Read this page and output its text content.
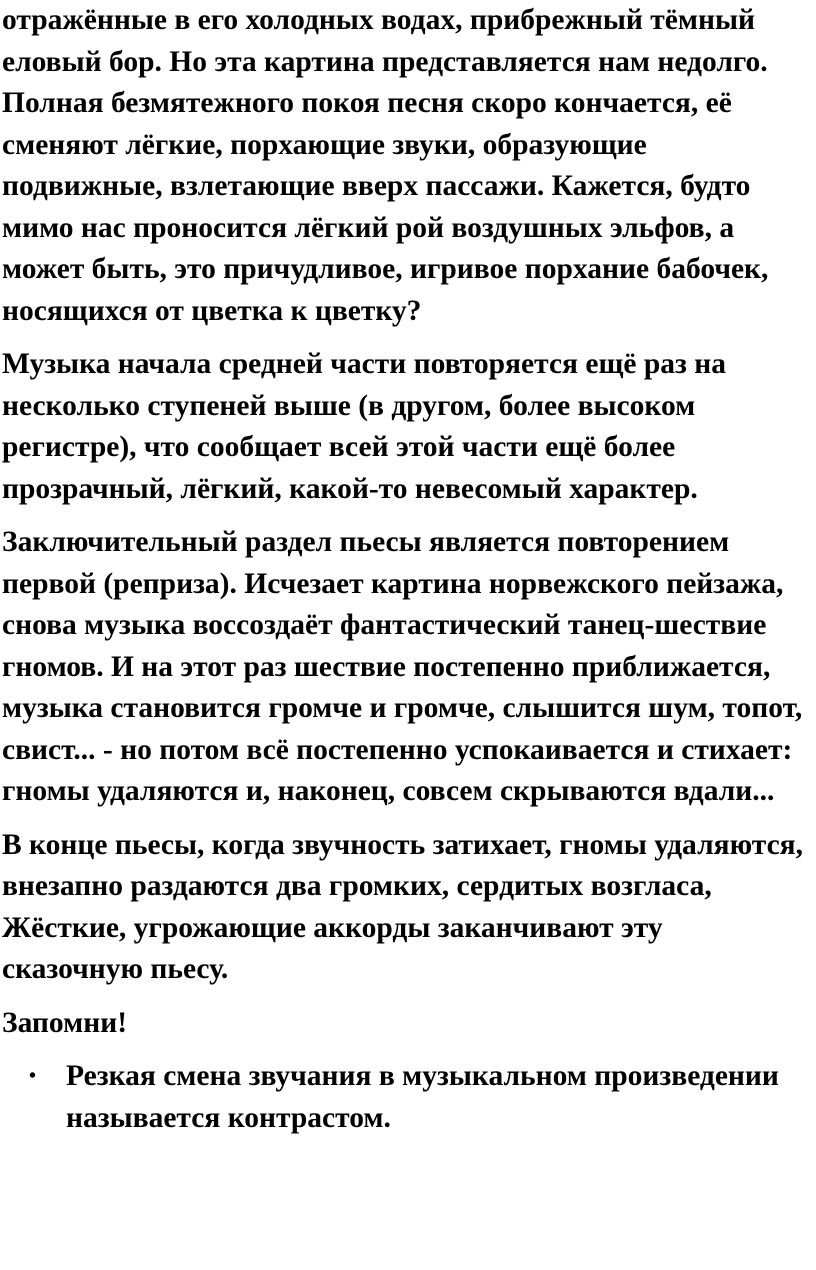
отражённые в его холодных водах, прибрежный тёмный еловый бор. Но эта картина представляется нам недолго. Полная безмятежного покоя песня скоро кончается, её сменяют лёгкие, порхающие звуки, образующие подвижные, взлетающие вверх пассажи. Кажется, будто мимо нас проносится лёгкий рой воздушных эльфов, а может быть, это причудливое, игривое порхание бабочек, носящихся от цветка к цветку?

Музыка начала средней части повторяется ещё раз на несколько ступеней выше (в другом, более высоком регистре), что сообщает всей этой части ещё более прозрачный, лёгкий, какой-то невесомый характер.

Заключительный раздел пьесы является повторением первой (реприза). Исчезает картина норвежского пейзажа, снова музыка воссоздаёт фантастический танец-шествие гномов. И на этот раз шествие постепенно приближается, музыка становится громче и громче, слышится шум, топот, свист... - но потом всё постепенно успокаивается и стихает: гномы удаляются и, наконец, совсем скрываются вдали...

В конце пьесы, когда звучность затихает, гномы удаляются, внезапно раздаются два громких, сердитых возгласа, Жёсткие, угрожающие аккорды заканчивают эту сказочную пьесу.

Запомни!

• Резкая смена звучания в музыкальном произведении называется контрастом.
